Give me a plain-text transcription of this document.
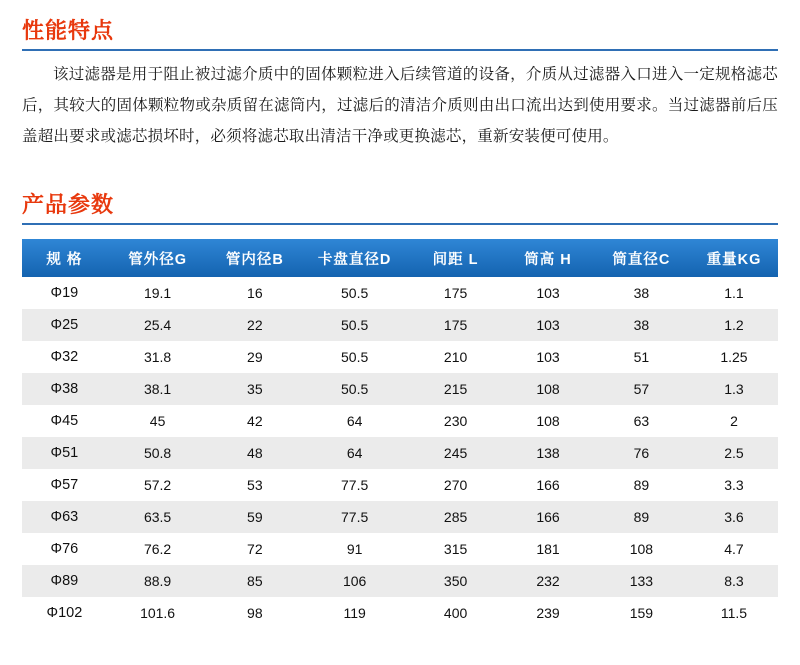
性能特点

该过滤器是用于阻止被过滤介质中的固体颗粒进入后续管道的设备，介质从过滤器入口进入一定规格滤芯后，其较大的固体颗粒物或杂质留在滤筒内，过滤后的清洁介质则由出口流出达到使用要求。当过滤器前后压盖超出要求或滤芯损坏时，必须将滤芯取出清洁干净或更换滤芯，重新安装便可使用。

产品参数
规 格	管外径G	管内径B	卡盘直径D	间距 L	筒高 H	筒直径C	重量KG
Φ19	19.1	16	50.5	175	103	38	1.1
Φ25	25.4	22	50.5	175	103	38	1.2
Φ32	31.8	29	50.5	210	103	51	1.25
Φ38	38.1	35	50.5	215	108	57	1.3
Φ45	45	42	64	230	108	63	2
Φ51	50.8	48	64	245	138	76	2.5
Φ57	57.2	53	77.5	270	166	89	3.3
Φ63	63.5	59	77.5	285	166	89	3.6
Φ76	76.2	72	91	315	181	108	4.7
Φ89	88.9	85	106	350	232	133	8.3
Φ102	101.6	98	119	400	239	159	11.5
